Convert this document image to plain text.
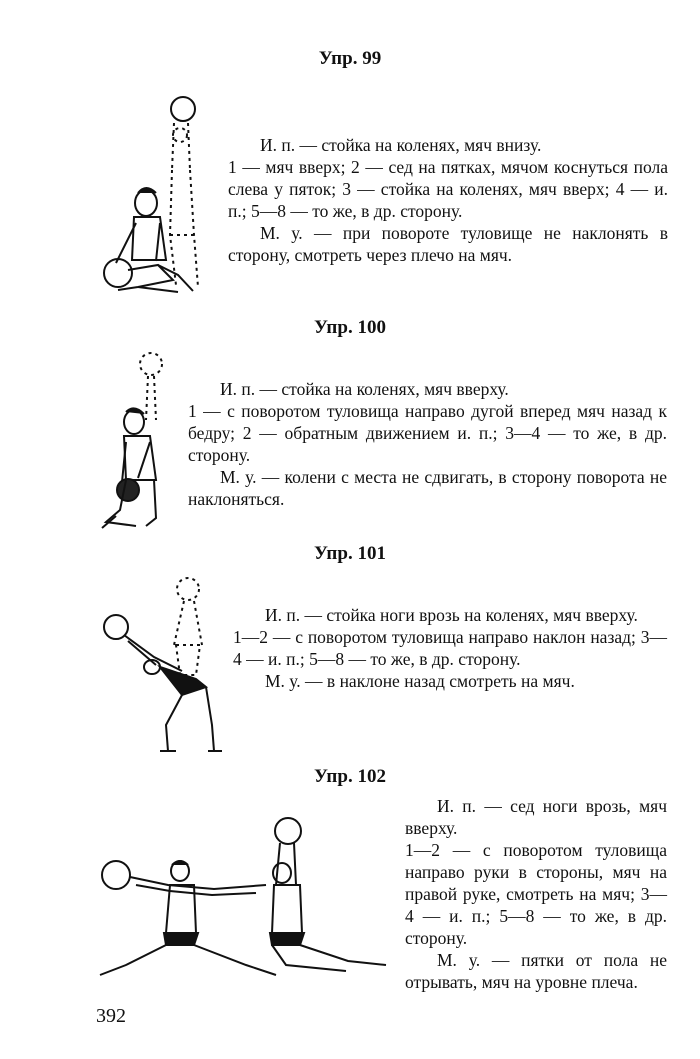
Упр. 99

И. п. — стойка на коленях, мяч внизу.

1 — мяч вверх; 2 — сед на пятках, мячом коснуться пола слева у пяток; 3 — стойка на коленях, мяч вверх; 4 — и. п.; 5—8 — то же, в др. сторону.

М. у. — при повороте туловище не наклонять в сторону, смотреть через плечо на мяч.

Упр. 100

И. п. — стойка на коленях, мяч вверху.

1 — с поворотом туловища направо дугой вперед мяч назад к бедру; 2 — обратным движением и. п.; 3—4 — то же, в др. сторону.

М. у. — колени с места не сдвигать, в сторону поворота не наклоняться.

Упр. 101

И. п. — стойка ноги врозь на коленях, мяч вверху.

1—2 — с поворотом туловища направо наклон назад; 3—4 — и. п.; 5—8 — то же, в др. сторону.

М. у. — в наклоне назад смотреть на мяч.

Упр. 102

И. п. — сед ноги врозь, мяч вверху.

1—2 — с поворотом туловища направо руки в стороны, мяч на правой руке, смотреть на мяч; 3—4 — и. п.; 5—8 — то же, в др. сторону.

М. у. — пятки от пола не отрывать, мяч на уровне плеча.

392
